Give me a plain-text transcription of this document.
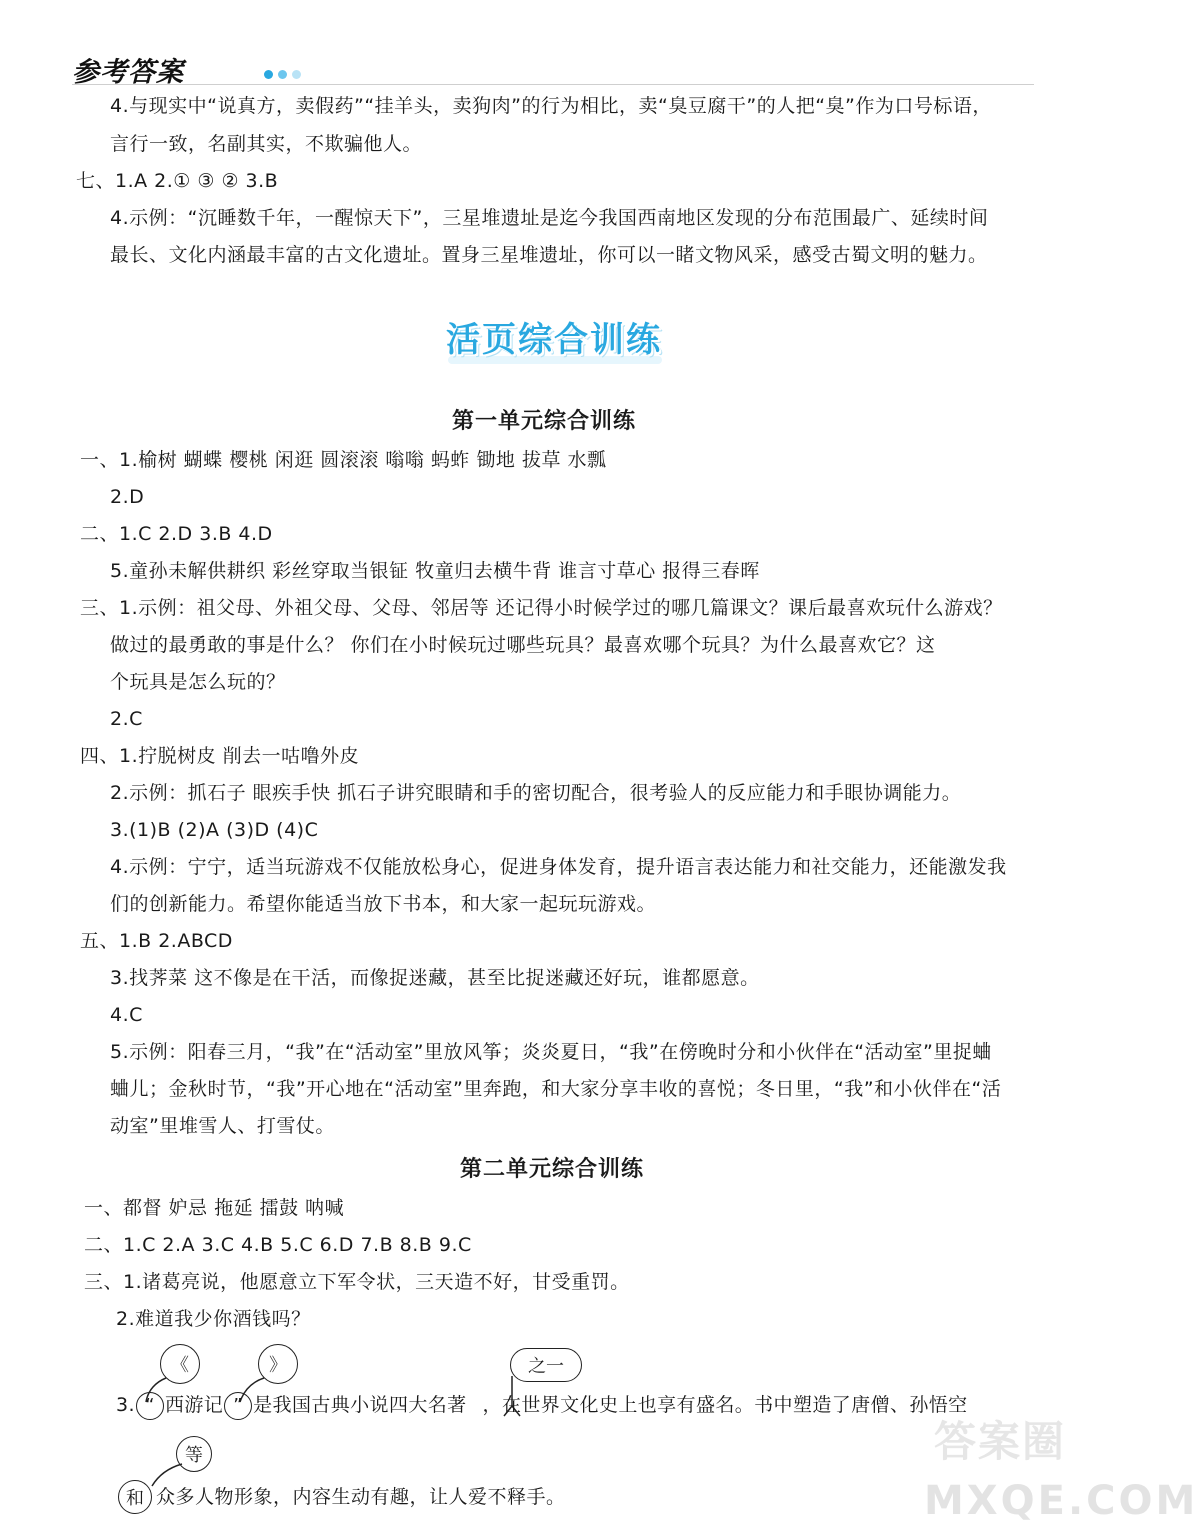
参考答案
4.与现实中“说真方，卖假药”“挂羊头，卖狗肉”的行为相比，卖“臭豆腐干”的人把“臭”作为口号标语，
言行一致，名副其实，不欺骗他人。
七、1.A 2.① ③ ② 3.B
4.示例：“沉睡数千年，一醒惊天下”，三星堆遗址是迄今我国西南地区发现的分布范围最广、延续时间
最长、文化内涵最丰富的古文化遗址。置身三星堆遗址，你可以一睹文物风采，感受古蜀文明的魅力。
活页综合训练
第一单元综合训练
一、1.榆树 蝴蝶 樱桃 闲逛 圆滚滚 嗡嗡 蚂蚱 锄地 拔草 水瓢
2.D
二、1.C 2.D 3.B 4.D
5.童孙未解供耕织 彩丝穿取当银钲 牧童归去横牛背 谁言寸草心 报得三春晖
三、1.示例：祖父母、外祖父母、父母、邻居等 还记得小时候学过的哪几篇课文？课后最喜欢玩什么游戏？
做过的最勇敢的事是什么？ 你们在小时候玩过哪些玩具？最喜欢哪个玩具？为什么最喜欢它？这
个玩具是怎么玩的？
2.C
四、1.拧脱树皮 削去一咕噜外皮
2.示例：抓石子 眼疾手快 抓石子讲究眼睛和手的密切配合，很考验人的反应能力和手眼协调能力。
3.(1)B (2)A (3)D (4)C
4.示例：宁宁，适当玩游戏不仅能放松身心，促进身体发育，提升语言表达能力和社交能力，还能激发我
们的创新能力。希望你能适当放下书本，和大家一起玩玩游戏。
五、1.B 2.ABCD
3.找荠菜 这不像是在干活，而像捉迷藏，甚至比捉迷藏还好玩，谁都愿意。
4.C
5.示例：阳春三月，“我”在“活动室”里放风筝；炎炎夏日，“我”在傍晚时分和小伙伴在“活动室”里捉蛐
蛐儿；金秋时节，“我”开心地在“活动室”里奔跑，和大家分享丰收的喜悦；冬日里，“我”和小伙伴在“活
动室”里堆雪人、打雪仗。
第二单元综合训练
一、都督 妒忌 拖延 擂鼓 呐喊
二、1.C 2.A 3.C 4.B 5.C 6.D 7.B 8.B 9.C
三、1.诸葛亮说，他愿意立下军令状，三天造不好，甘受重罚。
2.难道我少你酒钱吗？
《	》	之一
3. “ 西游记 ” 是我国古典小说四大名著 ，在世界文化史上也享有盛名。书中塑造了唐僧、孙悟空
等
和 众多人物形象，内容生动有趣，让人爱不释手。
答案圈
MXQE.COM
